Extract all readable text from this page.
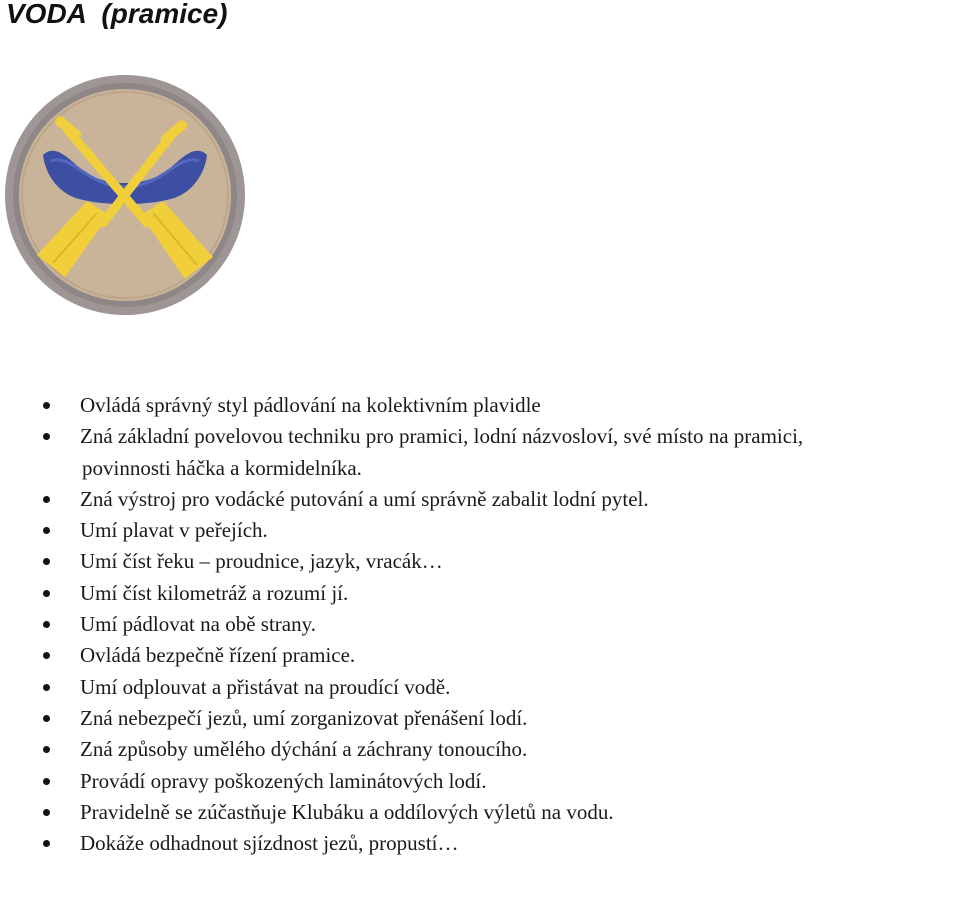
VODA  (pramice)
Ovládá správný styl pádlování na kolektivním plavidle
Zná základní povelovou techniku pro pramici, lodní názvosloví, své místo na pramici,
povinnosti háčka a kormidelníka.
Zná výstroj pro vodácké putování a umí správně zabalit lodní pytel.
Umí plavat v peřejích.
Umí číst řeku – proudnice, jazyk, vracák…
Umí číst kilometráž a rozumí jí.
Umí pádlovat na obě strany.
Ovládá bezpečně řízení pramice.
Umí odplouvat a přistávat na proudící vodě.
Zná nebezpečí jezů, umí zorganizovat přenášení lodí.
Zná způsoby umělého dýchání a záchrany tonoucího.
Provádí opravy poškozených laminátových lodí.
Pravidelně se zúčastňuje Klubáku a oddílových výletů na vodu.
Dokáže odhadnout sjízdnost jezů, propustí…
